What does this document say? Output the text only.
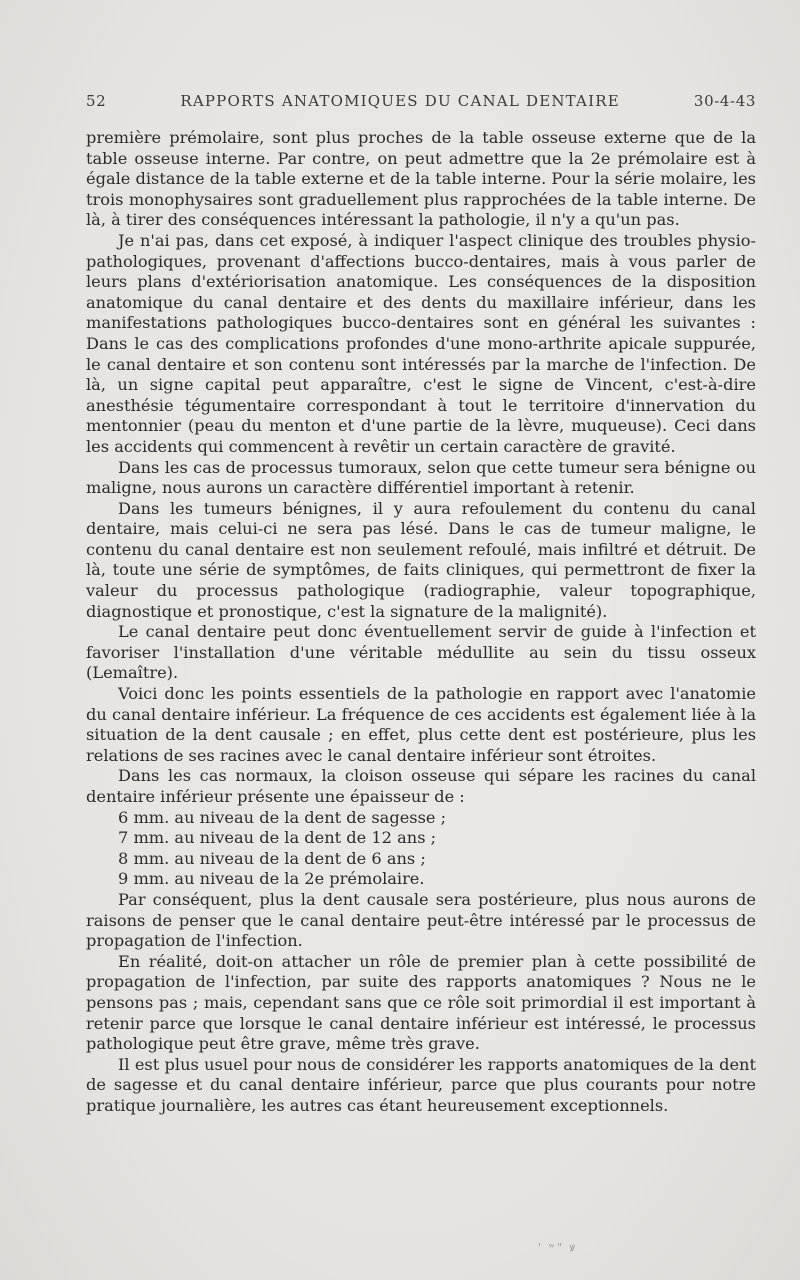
52	RAPPORTS ANATOMIQUES DU CANAL DENTAIRE	30-4-43

première prémolaire, sont plus proches de la table osseuse externe que de la table osseuse interne. Par contre, on peut admettre que la 2e prémolaire est à égale distance de la table externe et de la table interne. Pour la série molaire, les trois monophysaires sont graduellement plus rapprochées de la table interne. De là, à tirer des conséquences intéressant la pathologie, il n'y a qu'un pas.

Je n'ai pas, dans cet exposé, à indiquer l'aspect clinique des troubles physio-pathologiques, provenant d'affections bucco-dentaires, mais à vous parler de leurs plans d'extériorisation anatomique. Les conséquences de la disposition anatomique du canal dentaire et des dents du maxillaire inférieur, dans les manifestations pathologiques bucco-dentaires sont en général les suivantes : Dans le cas des complications profondes d'une mono-arthrite apicale suppurée, le canal dentaire et son contenu sont intéressés par la marche de l'infection. De là, un signe capital peut apparaître, c'est le signe de Vincent, c'est-à-dire anesthésie tégumentaire correspondant à tout le territoire d'innervation du mentonnier (peau du menton et d'une partie de la lèvre, muqueuse). Ceci dans les accidents qui commencent à revêtir un certain caractère de gravité.

Dans les cas de processus tumoraux, selon que cette tumeur sera bénigne ou maligne, nous aurons un caractère différentiel important à retenir.

Dans les tumeurs bénignes, il y aura refoulement du contenu du canal dentaire, mais celui-ci ne sera pas lésé. Dans le cas de tumeur maligne, le contenu du canal dentaire est non seulement refoulé, mais infiltré et détruit. De là, toute une série de symptômes, de faits cliniques, qui permettront de fixer la valeur du processus pathologique (radiographie, valeur topographique, diagnostique et pronostique, c'est la signature de la malignité).

Le canal dentaire peut donc éventuellement servir de guide à l'infection et favoriser l'installation d'une véritable médullite au sein du tissu osseux (Lemaître).

Voici donc les points essentiels de la pathologie en rapport avec l'anatomie du canal dentaire inférieur. La fréquence de ces accidents est également liée à la situation de la dent causale ; en effet, plus cette dent est postérieure, plus les relations de ses racines avec le canal dentaire inférieur sont étroites.

Dans les cas normaux, la cloison osseuse qui sépare les racines du canal dentaire inférieur présente une épaisseur de :

6 mm. au niveau de la dent de sagesse ;
7 mm. au niveau de la dent de 12 ans ;
8 mm. au niveau de la dent de 6 ans ;
9 mm. au niveau de la 2e prémolaire.

Par conséquent, plus la dent causale sera postérieure, plus nous aurons de raisons de penser que le canal dentaire peut-être intéressé par le processus de propagation de l'infection.

En réalité, doit-on attacher un rôle de premier plan à cette possibilité de propagation de l'infection, par suite des rapports anatomiques ? Nous ne le pensons pas ; mais, cependant sans que ce rôle soit primordial il est important à retenir parce que lorsque le canal dentaire inférieur est intéressé, le processus pathologique peut être grave, même très grave.

Il est plus usuel pour nous de considérer les rapports anatomiques de la dent de sagesse et du canal dentaire inférieur, parce que plus courants pour notre pratique journalière, les autres cas étant heureusement exceptionnels.

' ʷ" ꝟ
